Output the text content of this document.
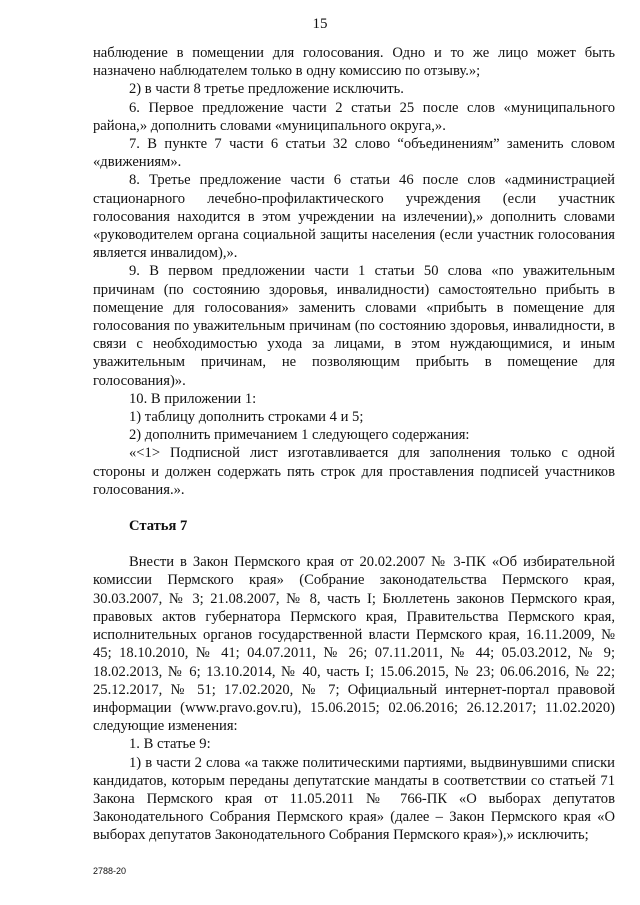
15

наблюдение в помещении для голосования. Одно и то же лицо может быть назначено наблюдателем только в одну комиссию по отзыву.»;

2) в части 8 третье предложение исключить.

6. Первое предложение части 2 статьи 25 после слов «муниципального района,» дополнить словами «муниципального округа,».

7. В пункте 7 части 6 статьи 32 слово “объединениям” заменить словом «движениям».

8. Третье предложение части 6 статьи 46 после слов «администрацией стационарного лечебно-профилактического учреждения (если участник голосования находится в этом учреждении на излечении),» дополнить словами «руководителем органа социальной защиты населения (если участник голосования является инвалидом),».

9. В первом предложении части 1 статьи 50 слова «по уважительным причинам (по состоянию здоровья, инвалидности) самостоятельно прибыть в помещение для голосования» заменить словами «прибыть в помещение для голосования по уважительным причинам (по состоянию здоровья, инвалидности, в связи с необходимостью ухода за лицами, в этом нуждающимися, и иным уважительным причинам, не позволяющим прибыть в помещение для голосования)».

10. В приложении 1:

1) таблицу дополнить строками 4 и 5;

2) дополнить примечанием 1 следующего содержания:

«<1> Подписной лист изготавливается для заполнения только с одной стороны и должен содержать пять строк для проставления подписей участников голосования.».

Статья 7

Внести в Закон Пермского края от 20.02.2007 № 3-ПК «Об избирательной комиссии Пермского края» (Собрание законодательства Пермского края, 30.03.2007, № 3; 21.08.2007, № 8, часть I; Бюллетень законов Пермского края, правовых актов губернатора Пермского края, Правительства Пермского края, исполнительных органов государственной власти Пермского края, 16.11.2009, № 45; 18.10.2010, № 41; 04.07.2011, № 26; 07.11.2011, № 44; 05.03.2012, № 9; 18.02.2013, № 6; 13.10.2014, № 40, часть I; 15.06.2015, № 23; 06.06.2016, № 22; 25.12.2017, № 51; 17.02.2020, № 7; Официальный интернет-портал правовой информации (www.pravo.gov.ru), 15.06.2015; 02.06.2016; 26.12.2017; 11.02.2020) следующие изменения:

1. В статье 9:

1) в части 2 слова «а также политическими партиями, выдвинувшими списки кандидатов, которым переданы депутатские мандаты в соответствии со статьей 71 Закона Пермского края от 11.05.2011 № 766-ПК «О выборах депутатов Законодательного Собрания Пермского края» (далее – Закон Пермского края «О выборах депутатов Законодательного Собрания Пермского края»),» исключить;

2788-20
